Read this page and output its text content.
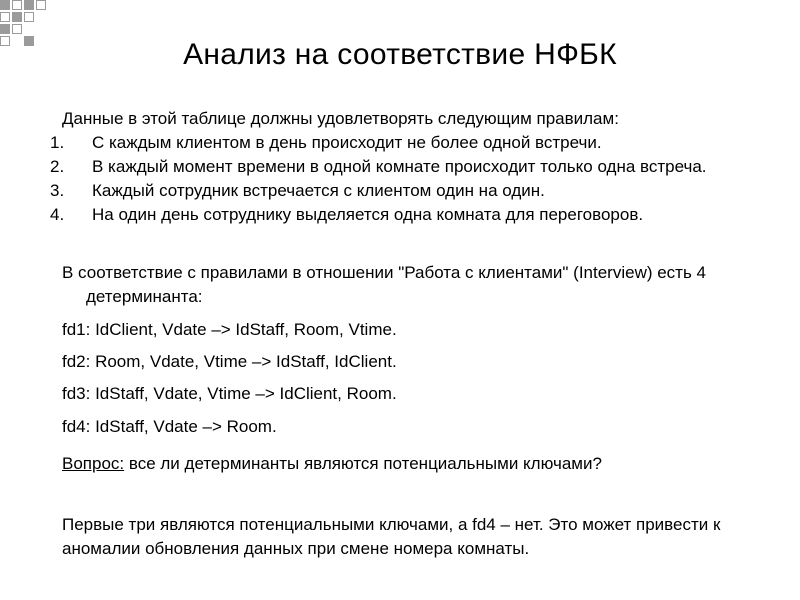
Анализ на соответствие НФБК
Данные в этой таблице должны удовлетворять следующим правилам:
1.	С каждым клиентом в день происходит не более одной встречи.
2.	В каждый момент времени в одной комнате происходит только одна встреча.
3.	Каждый сотрудник встречается с клиентом один на один.
4.	На один день сотруднику выделяется одна комната для переговоров.
В соответствие с правилами в отношении "Работа с клиентами" (Interview) есть 4 детерминанта:
fd1: IdClient, Vdate –> IdStaff, Room, Vtime.
fd2: Room, Vdate, Vtime –> IdStaff, IdClient.
fd3: IdStaff, Vdate, Vtime –> IdClient, Room.
fd4: IdStaff, Vdate –> Room.
Вопрос: все ли детерминанты являются потенциальными ключами?
Первые три являются потенциальными ключами, а fd4 – нет. Это может привести к аномалии обновления данных при смене номера комнаты.
